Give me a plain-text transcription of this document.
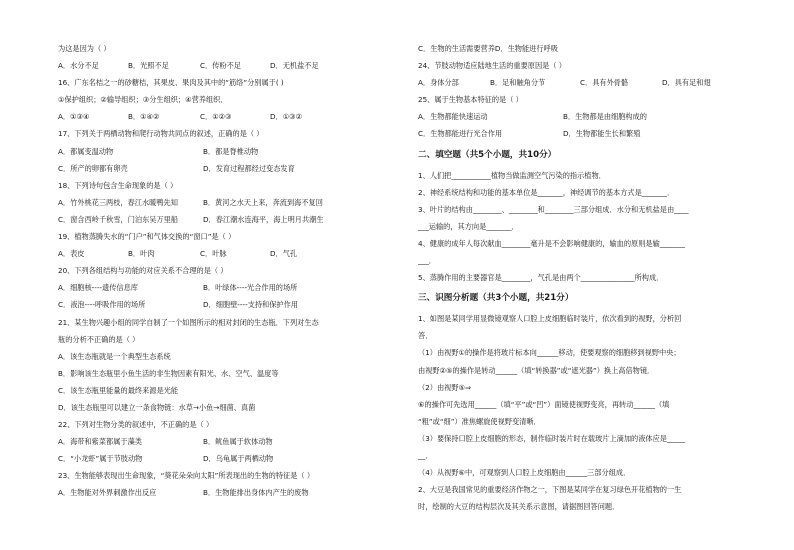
为这是因为（ ）
A．水分不足	B．光照不足	C．传粉不足	D．无机盐不足
16、广东名桔之一的砂糖桔，其果皮、果肉及其中的“筋络”分别属于( )
①保护组织；②输导组织；③分生组织；④营养组织．
A．①③④	B．①④②	C．①②③	D．①③②
17、下列关于两栖动物和爬行动物共同点的叙述，正确的是（ ）
A．都属变温动物	B．都是脊椎动物
C．所产的卵都有卵壳	D．发育过程都经过变态发育
18、下列诗句包含生命现象的是（ ）
A．竹外桃花三两枝，春江水暖鸭先知	B．黄河之水天上来，奔流到海不复回
C．窗含西岭千秋雪，门泊东吴万里船	D．春江潮水连海平，海上明月共潮生
19、植物蒸腾失水的“门户”和气体交换的“窗口”是（ ）
A．表皮	B．叶肉	C．叶脉	D．气孔
20、下列各组结构与功能的对应关系不合理的是（ ）
A．细胞核----遗传信息库	B．叶绿体----光合作用的场所
C．液泡----呼吸作用的场所	D．细胞壁----支持和保护作用
21、某生物兴趣小组的同学自制了一个如图所示的相对封闭的生态瓶．下列对生态
瓶的分析不正确的是（ ）
A．该生态瓶就是一个典型生态系统
B．影响该生态瓶里小鱼生活的非生物因素有阳光、水、空气、温度等
C．该生态瓶里能量的最终来源是光能
D．该生态瓶里可以建立一条食物链：水草→小鱼→细菌、真菌
22、下列对生物分类的叙述中，不正确的是（ ）
A．海带和紫菜都属于藻类	B．鱿鱼属于软体动物
C．“小龙虾”属于节肢动物	D．乌龟属于两栖动物
23、生物能够表现出生命现象，“葵花朵朵向太阳”所表现出的生物的特征是（ ）
A．生物能对外界刺激作出反应	B．生物能排出身体内产生的废物
C．生物的生活需要营养D．生物能进行呼吸
24、节肢动物适应陆地生活的重要原因是（ ）
A．身体分部	B．足和触角分节	C．具有外骨骼	D．具有足和翅
25、属于生物基本特征的是（ ）
A．生物都能快速运动	B．生物都是由细胞构成的
C．生物都能进行光合作用	D．生物都能生长和繁殖
二、填空题（共5个小题，共10分）
1、人们把___________植物当做监测空气污染的指示植物．
2、神经系统结构和功能的基本单位是_______，神经调节的基本方式是_______．
3、叶片的结构由________、________和________三部分组成．水分和无机盐是由____
___运输的，其方向是_______．
4、健康的成年人每次献血________毫升是不会影响健康的，输血的原则是输_______
___．
5、蒸腾作用的主要器官是________，气孔是由两个_______________所构成．
三、识图分析题（共3个小题，共21分）
1、如图是某同学用显微镜观察人口腔上皮细胞临时装片，依次看到的视野，分析回
答．
（1）由视野①的操作是将玻片标本向______移动，使要观察的细胞移到视野中央；
由视野②⑤的操作是转动______（填“转换器”或“遮光器”）换上高倍物镜．
（2）由视野⑤⇒
⑥的操作可先选用______（填“平”或“凹”）面镜使视野变亮，再转动______（填
“粗”或“细”）准焦螺旋使视野变清晰．
（3）要保持口腔上皮细胞的形态，制作临时装片时在载玻片上滴加的液体应是_____
__．
（4）从视野⑥中，可观察到人口腔上皮细胞由______三部分组成．
2、大豆是我国常见的重要经济作物之一，下图是某同学在复习绿色开花植物的一生
时，绘制的大豆的结构层次及其关系示意图，请据图回答问题．
